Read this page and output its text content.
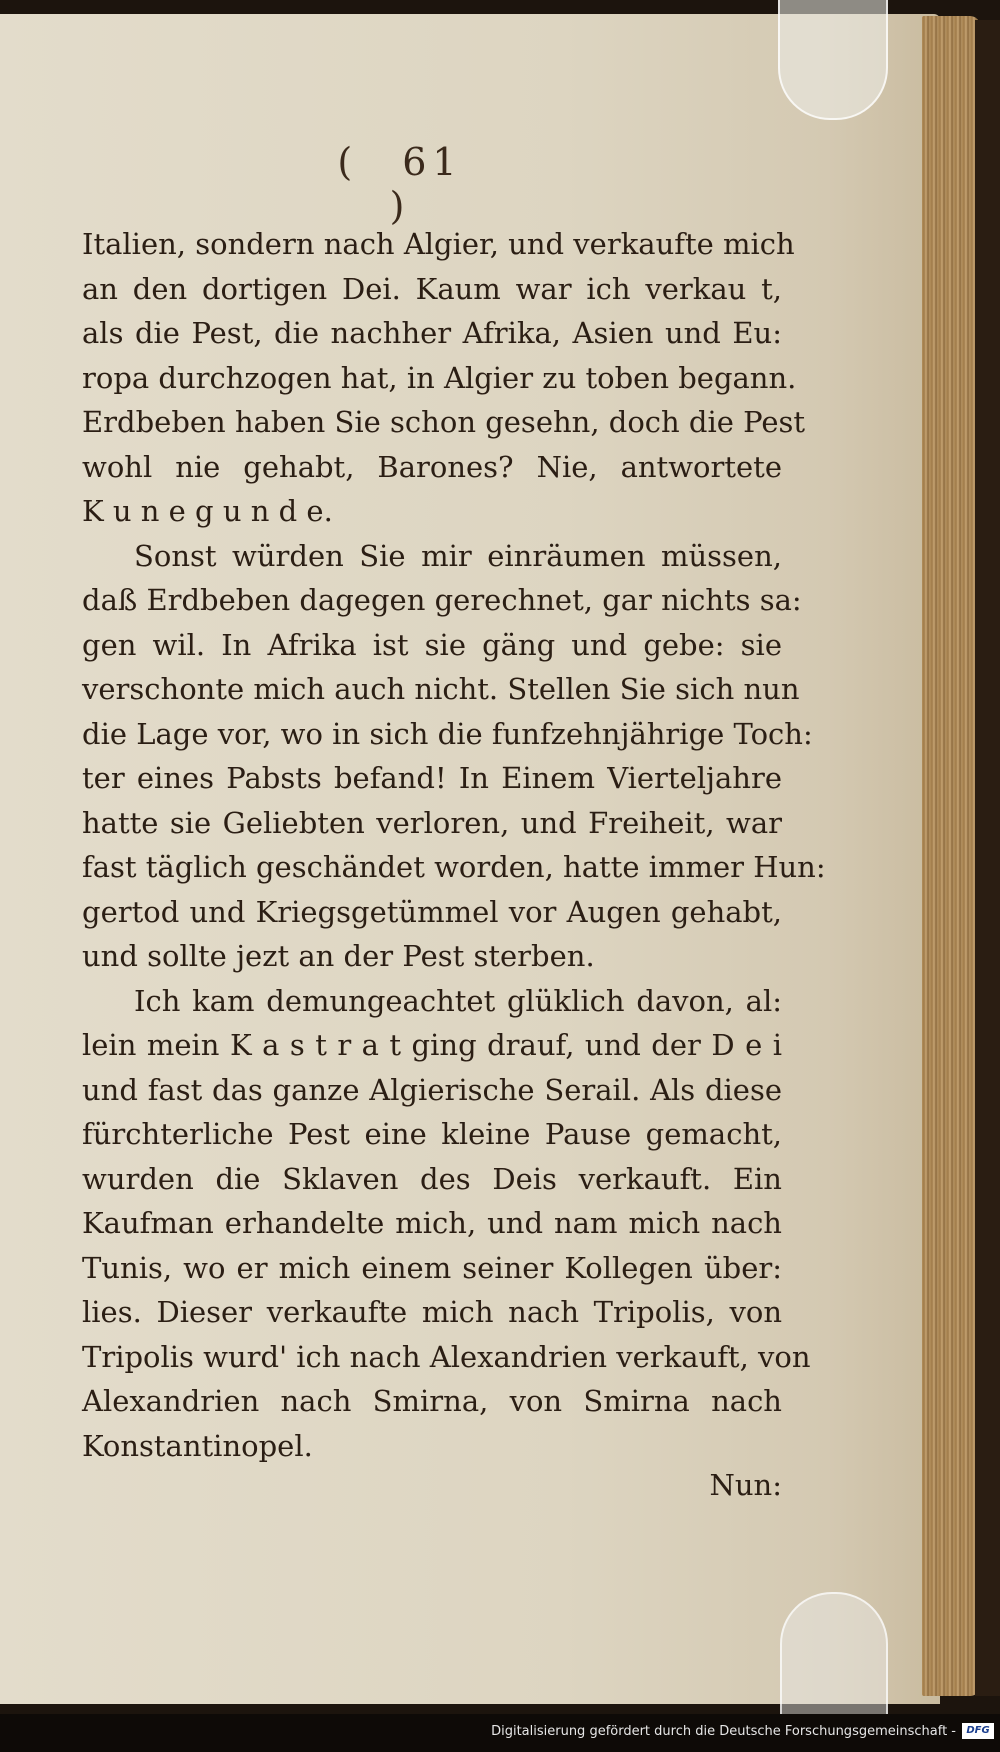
( 61)
Italien, sondern nach Algier, und verkaufte mich
an den dortigen Dei. Kaum war ich verkau t,
als die Pest, die nachher Afrika, Asien und Eu:
ropa durchzogen hat, in Algier zu toben begann.
Erdbeben haben Sie schon gesehn, doch die Pest
wohl nie gehabt, Barones? Nie, antwortete
K u n e g u n d e.
Sonst würden Sie mir einräumen müssen,
daß Erdbeben dagegen gerechnet, gar nichts sa:
gen wil. In Afrika ist sie gäng und gebe: sie
verschonte mich auch nicht. Stellen Sie sich nun
die Lage vor, wo in sich die funfzehnjährige Toch:
ter eines Pabsts befand! In Einem Vierteljahre
hatte sie Geliebten verloren, und Freiheit, war
fast täglich geschändet worden, hatte immer Hun:
gertod und Kriegsgetümmel vor Augen gehabt,
und sollte jezt an der Pest sterben.
Ich kam demungeachtet glüklich davon, al:
lein mein K a s t r a t ging drauf, und der D e i
und fast das ganze Algierische Serail. Als diese
fürchterliche Pest eine kleine Pause gemacht,
wurden die Sklaven des Deis verkauft. Ein
Kaufman erhandelte mich, und nam mich nach
Tunis, wo er mich einem seiner Kollegen über:
lies. Dieser verkaufte mich nach Tripolis, von
Tripolis wurd' ich nach Alexandrien verkauft, von
Alexandrien nach Smirna, von Smirna nach
Konstantinopel.
Nun:
Digitalisierung gefördert durch die Deutsche Forschungsgemeinschaft -	DFG
